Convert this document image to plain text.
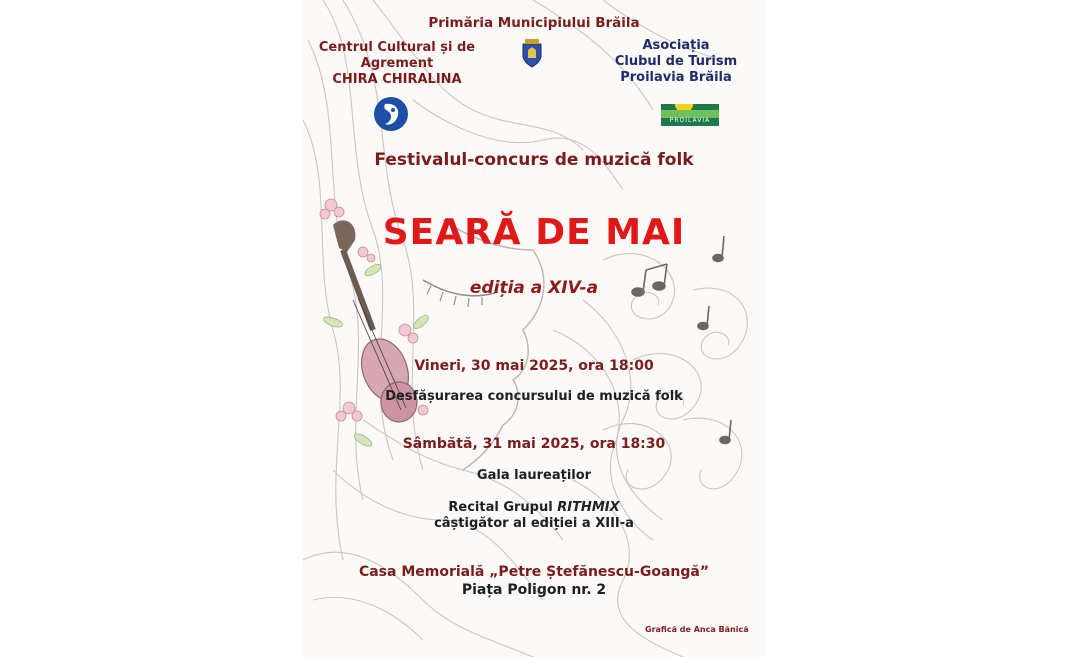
Primăria Municipiului Brăila

Centrul Cultural și de

Agrement

CHIRA CHIRALINA

Asociația

Clubul de Turism

Proilavia Brăila

PROILAVIA

Festivalul-concurs de muzică folk

SEARĂ DE MAI

ediția a XIV-a

Vineri, 30 mai 2025, ora 18:00

Desfășurarea concursului de muzică folk

Sâmbătă, 31 mai 2025, ora 18:30

Gala laureaților

Recital Grupul RITHMIX

câștigător al ediției a XIII-a

Casa Memorială „Petre Ștefănescu-Goangă”

Piața Poligon nr. 2

Grafică de Anca Bănică
